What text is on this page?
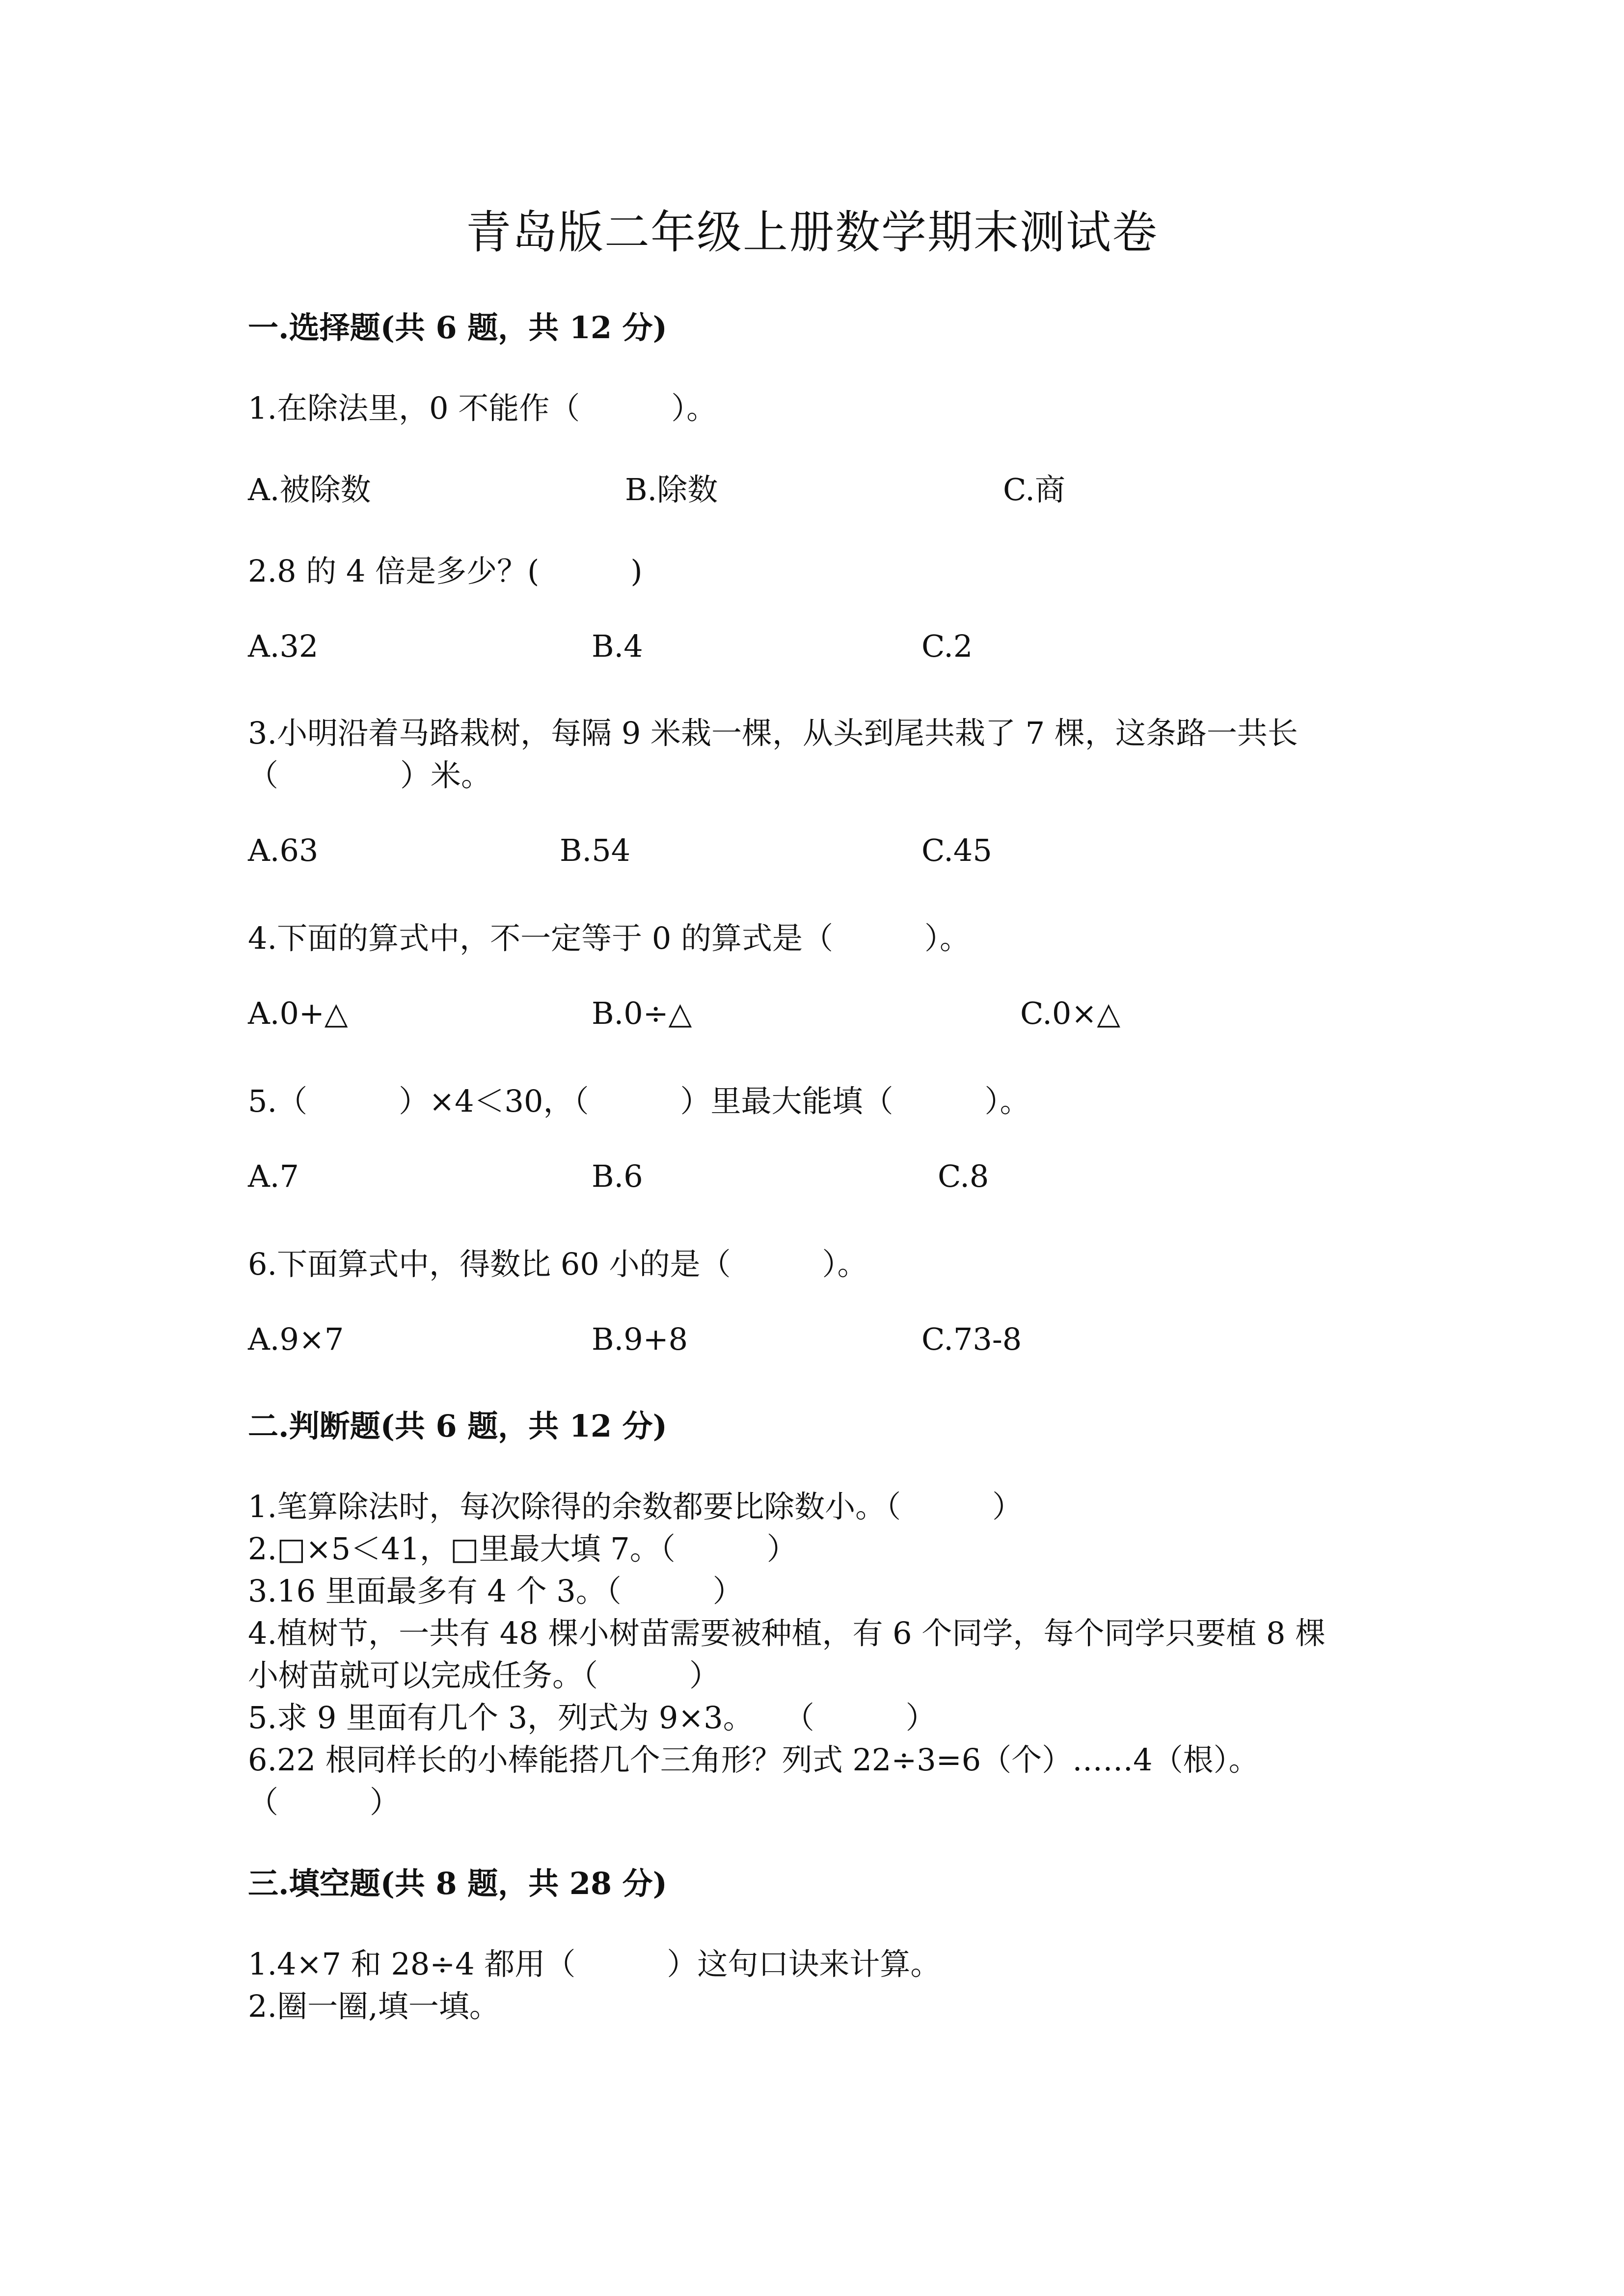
青岛版二年级上册数学期末测试卷
一.选择题(共 6 题，共 12 分)
1.在除法里，0 不能作（　　　）。
A.被除数	B.除数	C.商
2.8 的 4 倍是多少？(　　　)
A.32	B.4	C.2
3.小明沿着马路栽树，每隔 9 米栽一棵，从头到尾共栽了 7 棵，这条路一共长
（　　　　）米。
A.63	B.54	C.45
4.下面的算式中，不一定等于 0 的算式是（　　　）。
A.0+△	B.0÷△	C.0×△
5.（　　　）×4＜30，（　　　）里最大能填（　　　）。
A.7	B.6	C.8
6.下面算式中，得数比 60 小的是（　　　）。
A.9×7	B.9+8	C.73-8
二.判断题(共 6 题，共 12 分)
1.笔算除法时，每次除得的余数都要比除数小。（　　　）
2.□×5＜41，□里最大填 7。（　　　）
3.16 里面最多有 4 个 3。（　　　）
4.植树节，一共有 48 棵小树苗需要被种植，有 6 个同学，每个同学只要植 8 棵
小树苗就可以完成任务。（　　　）
5.求 9 里面有几个 3，列式为 9×3。　　（　　　）
6.22 根同样长的小棒能搭几个三角形？列式 22÷3=6（个）……4（根）。
（　　　）
三.填空题(共 8 题，共 28 分)
1.4×7 和 28÷4 都用（　　　）这句口诀来计算。
2.圈一圈,填一填。
